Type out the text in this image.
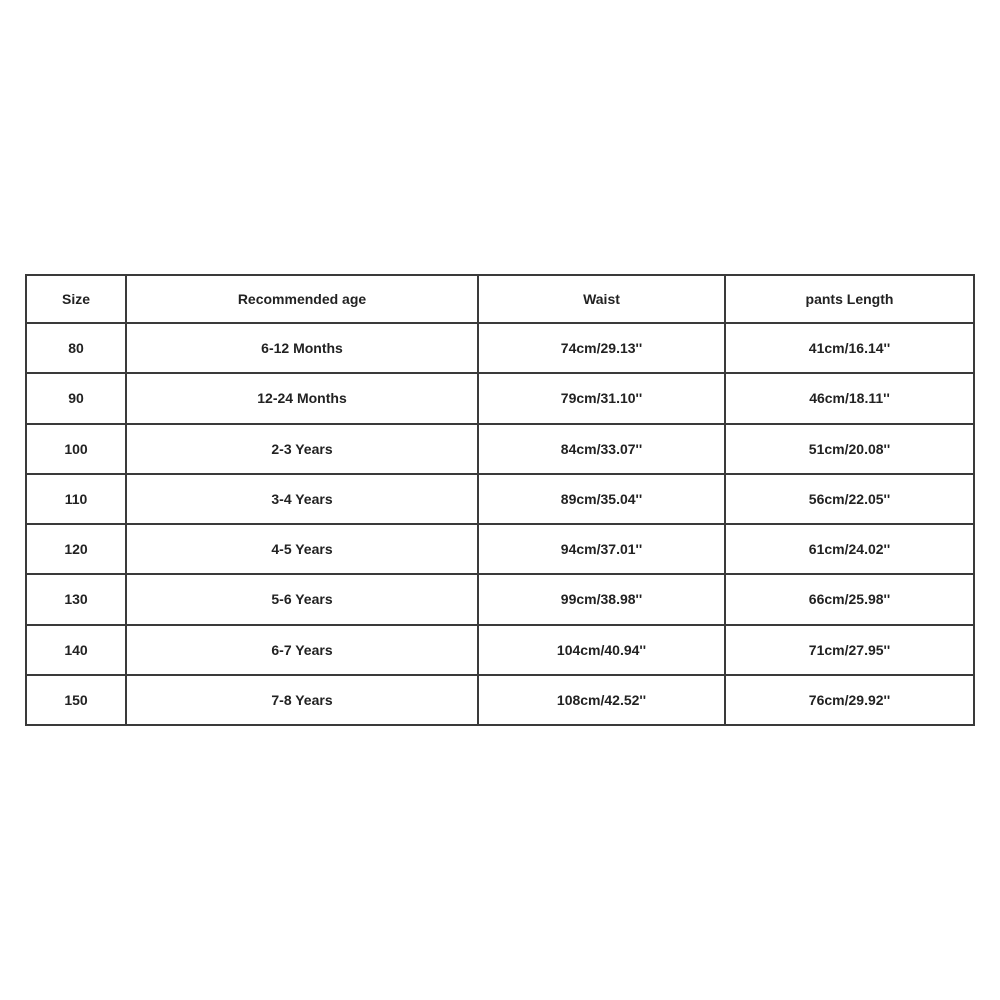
Size	Recommended age	Waist	pants Length
80	6-12 Months	74cm/29.13''	41cm/16.14''
90	12-24 Months	79cm/31.10''	46cm/18.11''
100	2-3 Years	84cm/33.07''	51cm/20.08''
110	3-4 Years	89cm/35.04''	56cm/22.05''
120	4-5 Years	94cm/37.01''	61cm/24.02''
130	5-6 Years	99cm/38.98''	66cm/25.98''
140	6-7 Years	104cm/40.94''	71cm/27.95''
150	7-8 Years	108cm/42.52''	76cm/29.92''
